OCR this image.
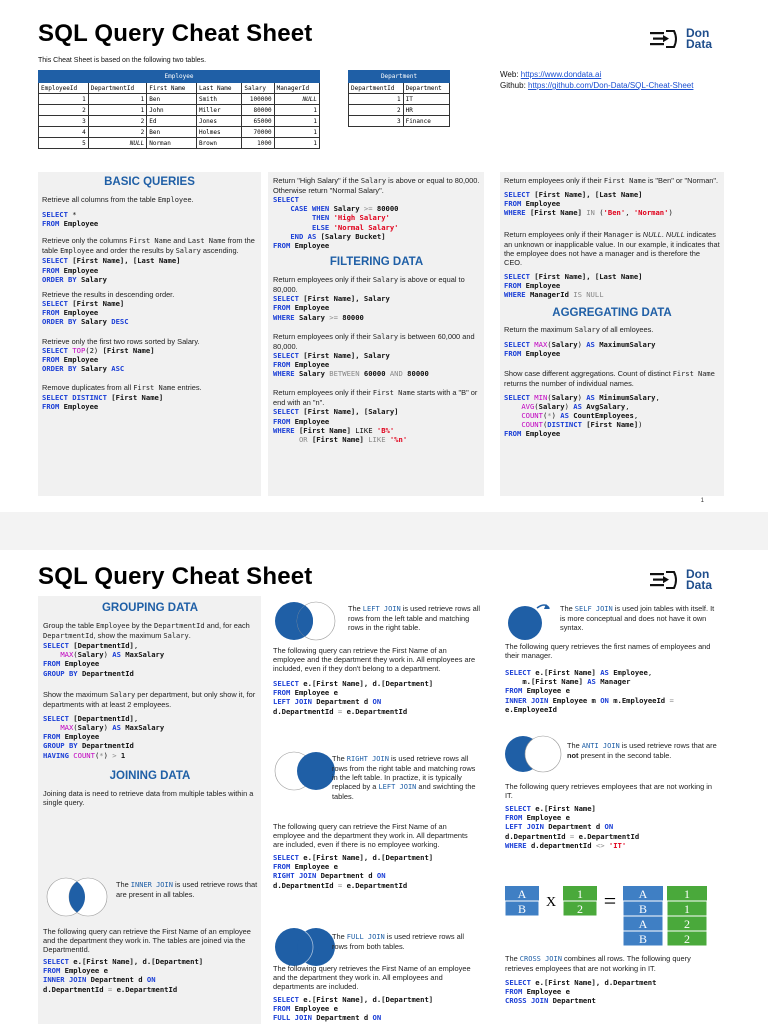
SQL Query Cheat Sheet	Don
Data
This Cheat Sheet is based on the following two tables.
Employee					
EmployeeId	DepartmentId	First Name	Last Name	Salary	ManagerId
1	1	Ben	Smith	100000	NULL
2	1	John	Miller	80000	1
3	2	Ed	Jones	65000	1
4	2	Ben	Holmes	70000	1
5	NULL	Norman	Brown	1000	1
Department	
DepartmentId	Department
1	IT
2	HR
3	Finance
Web: https://www.dondata.ai
Github: https://github.com/Don-Data/SQL-Cheat-Sheet
BASIC QUERIES
Retrieve all columns from the table Employee.
SELECT *
FROM Employee
Retrieve only the columns First Name and Last Name from the table Employee and order the results by Salary ascending.
SELECT [First Name], [Last Name]
FROM Employee
ORDER BY Salary
Retrieve the results in descending order.
SELECT [First Name]
FROM Employee
ORDER BY Salary DESC
Retrieve only the first two rows sorted by Salary.
SELECT TOP(2) [First Name]
FROM Employee
ORDER BY Salary ASC
Remove duplicates from all First Name entries.
SELECT DISTINCT [First Name]
FROM Employee
Return "High Salary" if the Salary is above or equal to 80,000. Otherwise return "Normal Salary".
SELECT
CASE WHEN Salary >= 80000
THEN 'High Salary'
ELSE 'Normal Salary'
END AS [Salary Bucket]
FROM Employee
FILTERING DATA
Return employees only if their Salary is above or equal to 80,000.
SELECT [First Name], Salary
FROM Employee
WHERE Salary >= 80000
Return employees only if their Salary is between 60,000 and 80,000.
SELECT [First Name], Salary
FROM Employee
WHERE Salary BETWEEN 60000 AND 80000
Return employees only if their First Name starts with a "B" or end with an "n".
SELECT [First Name], [Salary]
FROM Employee
WHERE [First Name] LIKE 'B%'
OR [First Name] LIKE '%n'
Return employees only if their First Name is "Ben" or "Norman".
SELECT [First Name], [Last Name]
FROM Employee
WHERE [First Name] IN ('Ben', 'Norman')
Return employees only if their Manager is NULL. NULL indicates an unknown or inapplicable value. In our example, it indicates that the employee does not have a manager and is therefore the CEO.
SELECT [First Name], [Last Name]
FROM Employee
WHERE ManagerId IS NULL
AGGREGATING DATA
Return the maximum Salary of all emloyees.
SELECT MAX(Salary) AS MaximumSalary
FROM Employee
Show case different aggregations. Count of distinct First Name returns the number of individual names.
SELECT MIN(Salary) AS MinimumSalary,
AVG(Salary) AS AvgSalary,
COUNT(*) AS CountEmployees,
COUNT(DISTINCT [First Name])
FROM Employee
1
SQL Query Cheat Sheet	Don
Data
GROUPING DATA
Group the table Employee by the DepartmentId and, for each DepartmentId, show the maximum Salary.
SELECT [DepartmentId],
MAX(Salary) AS MaxSalary
FROM Employee
GROUP BY DepartmentId
Show the maximum Salary per department, but only show it, for departments with at least 2 employees.
SELECT [DepartmentId],
MAX(Salary) AS MaxSalary
FROM Employee
GROUP BY DepartmentId
HAVING COUNT(*) > 1
JOINING DATA
Joining data is need to retrieve data from multiple tables within a single query.
The INNER JOIN is used retrieve rows that are present in all tables.
The following query can retrieve the First Name of an employee and the department they work in. The tables are joined via the DepartmentId.
SELECT e.[First Name], d.[Department]
FROM Employee e
INNER JOIN Department d ON
d.DepartmentId = e.DepartmentId
The LEFT JOIN is used retrieve rows all rows from the left table and matching rows in the right table.
The following query can retrieve the First Name of an employee and the department they work in. All employees are included, even if they don't belong to a department.
SELECT e.[First Name], d.[Department]
FROM Employee e
LEFT JOIN Department d ON
d.DepartmentId = e.DepartmentId
The RIGHT JOIN is used retrieve rows all rows from the right table and matching rows in the left table. In practize, it is typically replaced by a LEFT JOIN and swichting the tables.
The following query can retrieve the First Name of an employee and the department they work in. All departments are included, even if there is no employee working.
SELECT e.[First Name], d.[Department]
FROM Employee e
RIGHT JOIN Department d ON
d.DepartmentId = e.DepartmentId
The FULL JOIN is used retrieve rows all rows from both tables.
The following query retrieves the First Name of an employee and the department they work in. All employees and departments are included.
SELECT e.[First Name], d.[Department]
FROM Employee e
FULL JOIN Department d ON
The SELF JOIN is used join tables with itself. It is more conceptual and does not have it own syntax.
The following query retrieves the first names of employees and their manager.
SELECT e.[First Name] AS Employee,
m.[First Name] AS Manager
FROM Employee e
INNER JOIN Employee m ON m.EmployeeId =
e.EmployeeId
The ANTI JOIN is used retrieve rows that are not present in the second table.
The following query retrieves employees that are not working in IT.
SELECT e.[First Name]
FROM Employee e
LEFT JOIN Department d ON
d.DepartmentId = e.DepartmentId
WHERE d.departmentId <> 'IT'
A
B X
1
2 = A
B
A
B
1
1
2
2
The CROSS JOIN combines all rows. The following query retrieves employees that are not working in IT.
SELECT e.[First Name], d.Department
FROM Employee e
CROSS JOIN Department
